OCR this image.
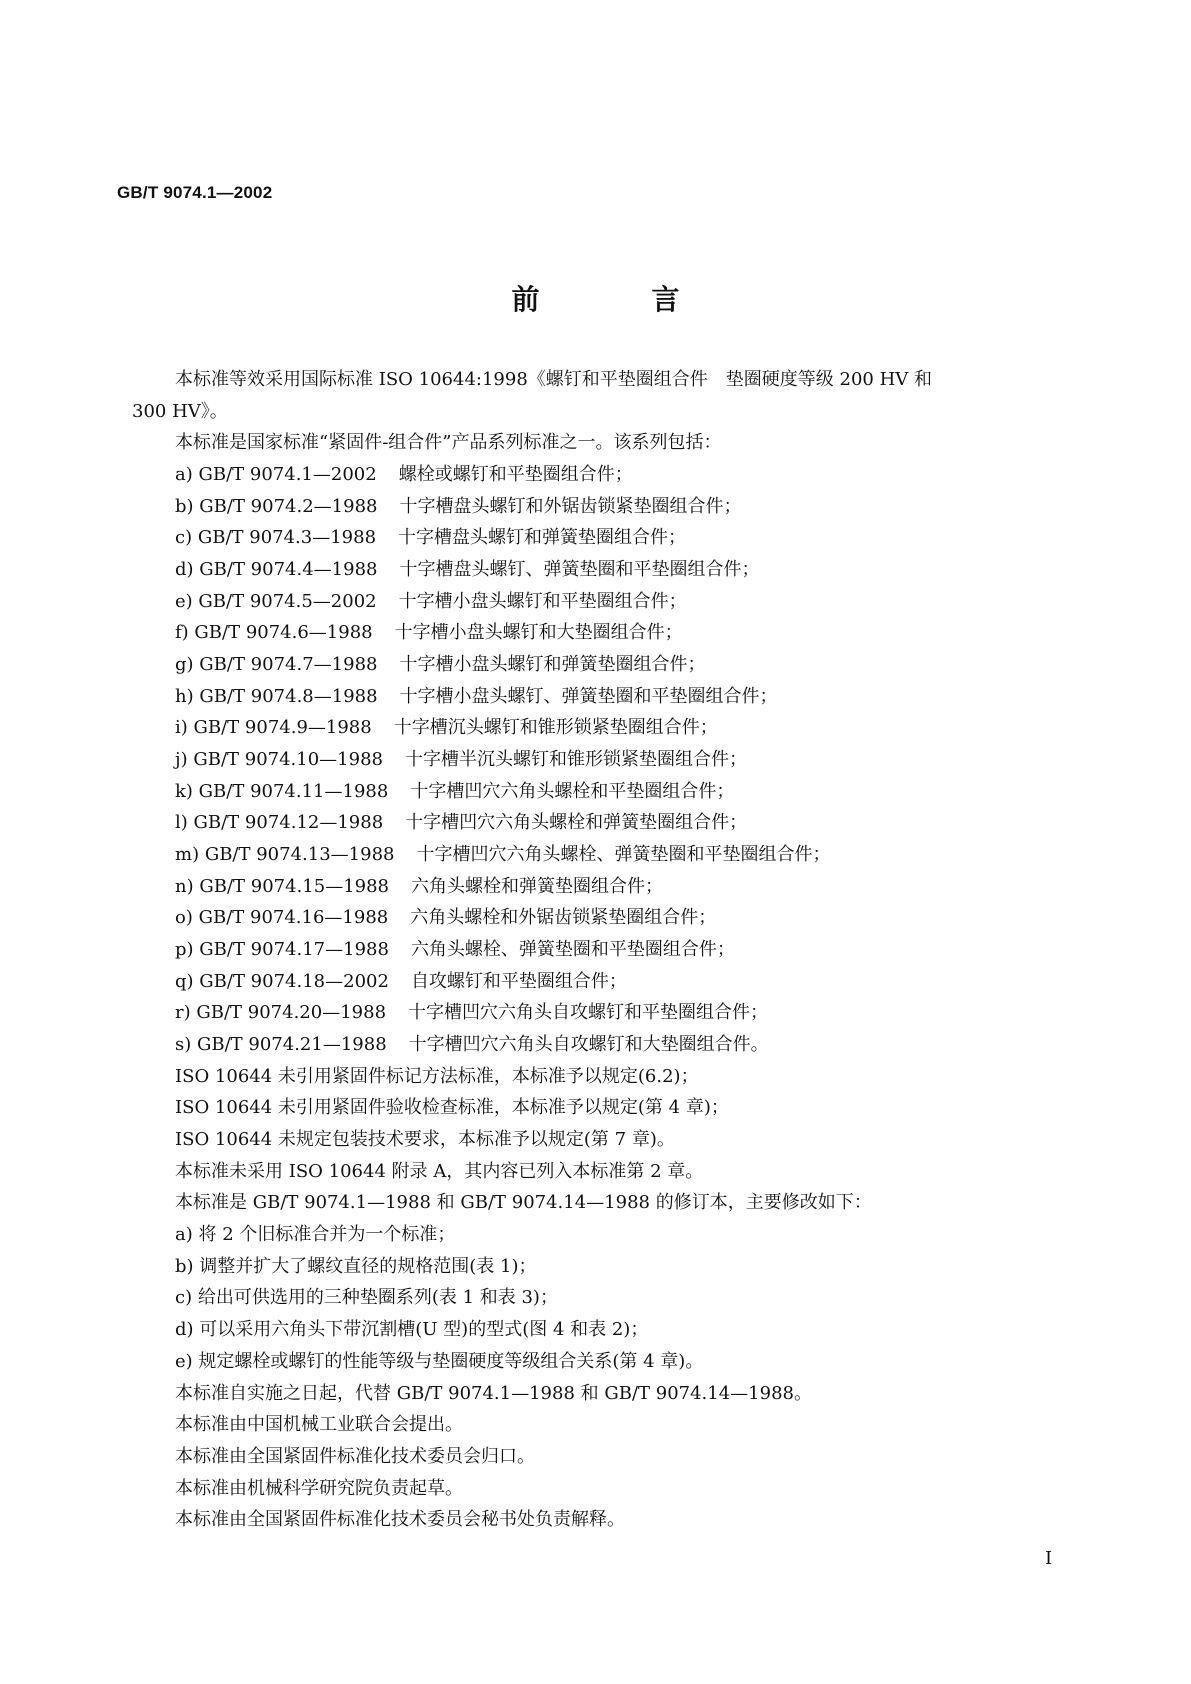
GB/T 9074.1—2002
前	言
本标准等效采用国际标准 ISO 10644:1998《螺钉和平垫圈组合件　垫圈硬度等级 200 HV 和
300 HV》。
本标准是国家标准“紧固件-组合件”产品系列标准之一。该系列包括：
a) GB/T 9074.1—2002 螺栓或螺钉和平垫圈组合件；
b) GB/T 9074.2—1988 十字槽盘头螺钉和外锯齿锁紧垫圈组合件；
c) GB/T 9074.3—1988 十字槽盘头螺钉和弹簧垫圈组合件；
d) GB/T 9074.4—1988 十字槽盘头螺钉、弹簧垫圈和平垫圈组合件；
e) GB/T 9074.5—2002 十字槽小盘头螺钉和平垫圈组合件；
f) GB/T 9074.6—1988 十字槽小盘头螺钉和大垫圈组合件；
g) GB/T 9074.7—1988 十字槽小盘头螺钉和弹簧垫圈组合件；
h) GB/T 9074.8—1988 十字槽小盘头螺钉、弹簧垫圈和平垫圈组合件；
i) GB/T 9074.9—1988 十字槽沉头螺钉和锥形锁紧垫圈组合件；
j) GB/T 9074.10—1988 十字槽半沉头螺钉和锥形锁紧垫圈组合件；
k) GB/T 9074.11—1988 十字槽凹穴六角头螺栓和平垫圈组合件；
l) GB/T 9074.12—1988 十字槽凹穴六角头螺栓和弹簧垫圈组合件；
m) GB/T 9074.13—1988 十字槽凹穴六角头螺栓、弹簧垫圈和平垫圈组合件；
n) GB/T 9074.15—1988 六角头螺栓和弹簧垫圈组合件；
o) GB/T 9074.16—1988 六角头螺栓和外锯齿锁紧垫圈组合件；
p) GB/T 9074.17—1988 六角头螺栓、弹簧垫圈和平垫圈组合件；
q) GB/T 9074.18—2002 自攻螺钉和平垫圈组合件；
r) GB/T 9074.20—1988 十字槽凹穴六角头自攻螺钉和平垫圈组合件；
s) GB/T 9074.21—1988 十字槽凹穴六角头自攻螺钉和大垫圈组合件。
ISO 10644 未引用紧固件标记方法标准，本标准予以规定(6.2)；
ISO 10644 未引用紧固件验收检查标准，本标准予以规定(第 4 章)；
ISO 10644 未规定包装技术要求，本标准予以规定(第 7 章)。
本标准未采用 ISO 10644 附录 A，其内容已列入本标准第 2 章。
本标准是 GB/T 9074.1—1988 和 GB/T 9074.14—1988 的修订本，主要修改如下：
a) 将 2 个旧标准合并为一个标准；
b) 调整并扩大了螺纹直径的规格范围(表 1)；
c) 给出可供选用的三种垫圈系列(表 1 和表 3)；
d) 可以采用六角头下带沉割槽(U 型)的型式(图 4 和表 2)；
e) 规定螺栓或螺钉的性能等级与垫圈硬度等级组合关系(第 4 章)。
本标准自实施之日起，代替 GB/T 9074.1—1988 和 GB/T 9074.14—1988。
本标准由中国机械工业联合会提出。
本标准由全国紧固件标准化技术委员会归口。
本标准由机械科学研究院负责起草。
本标准由全国紧固件标准化技术委员会秘书处负责解释。
I
